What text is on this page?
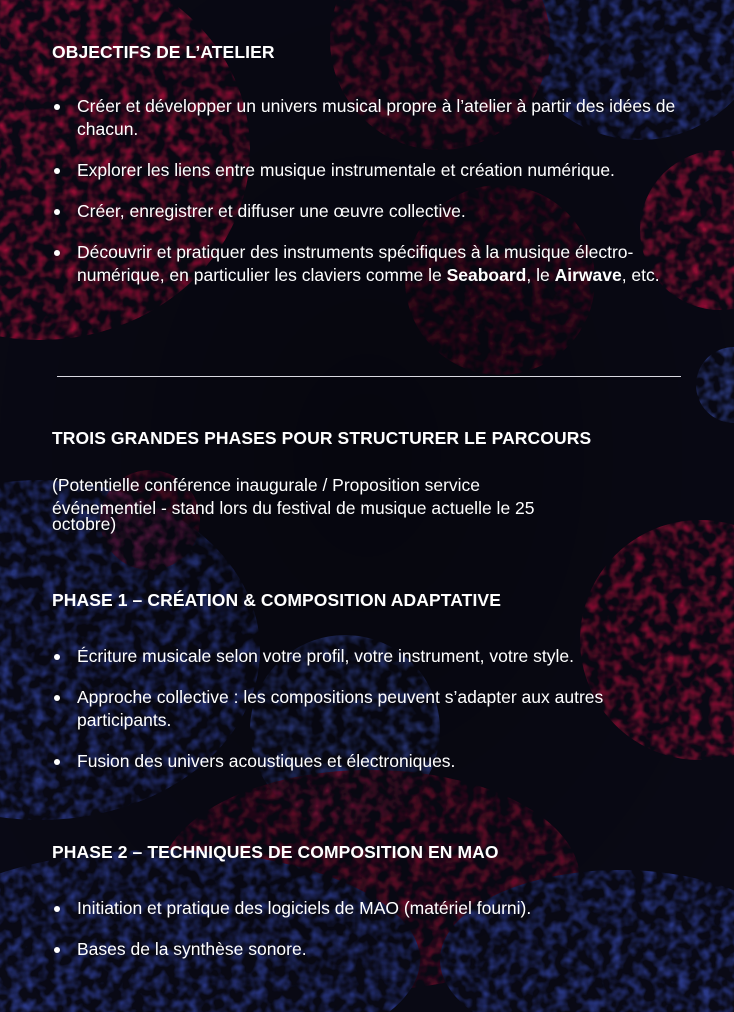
OBJECTIFS DE L’ATELIER
Créer et développer un univers musical propre à l’atelier à partir des idées de chacun.
Explorer les liens entre musique instrumentale et création numérique.
Créer, enregistrer et diffuser une œuvre collective.
Découvrir et pratiquer des instruments spécifiques à la musique électro-numérique, en particulier les claviers comme le Seaboard, le Airwave, etc.
TROIS GRANDES PHASES POUR STRUCTURER LE PARCOURS
(Potentielle conférence inaugurale / Proposition service
événementiel - stand lors du festival de musique actuelle le 25
octobre)
PHASE 1 – CRÉATION & COMPOSITION ADAPTATIVE
Écriture musicale selon votre profil, votre instrument, votre style.
Approche collective : les compositions peuvent s’adapter aux autres participants.
Fusion des univers acoustiques et électroniques.
PHASE 2 – TECHNIQUES DE COMPOSITION EN MAO
Initiation et pratique des logiciels de MAO (matériel fourni).
Bases de la synthèse sonore.
